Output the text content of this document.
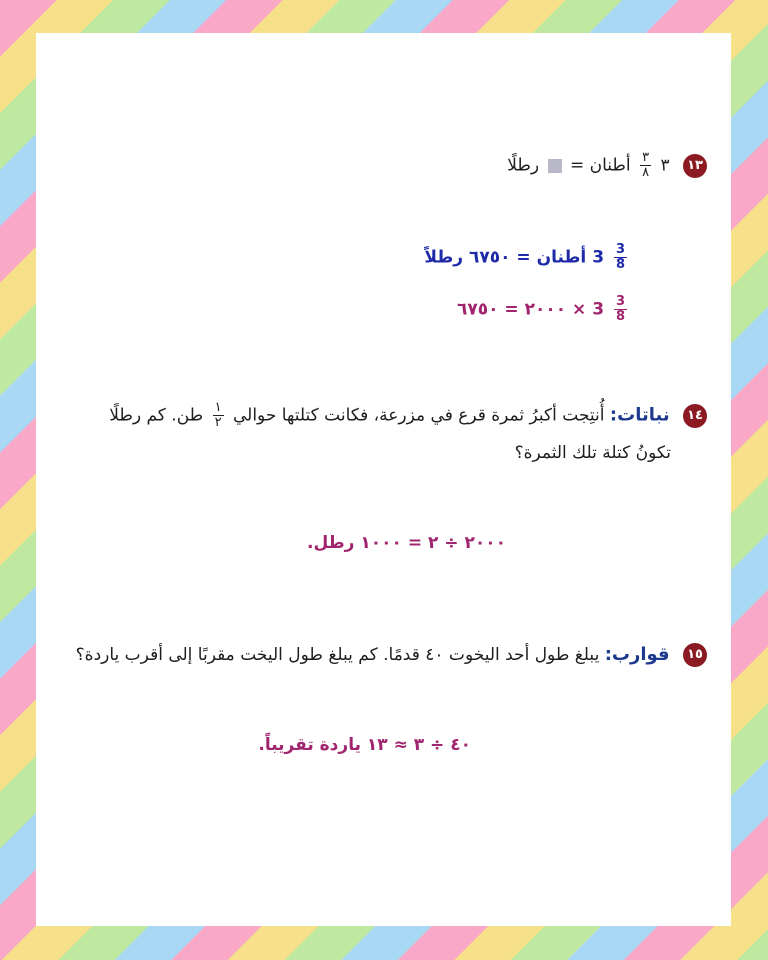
١٣ ٣
$\frac{٣}{٨}$
أطنان =  رطلًا
$3 \frac{3}{8}$
أطنان = ٦٧٥٠ رطلاً
$3 \frac{3}{8}$
× ٢٠٠٠ = ٦٧٥٠
١٤ نباتات: أُنتِجت أكبرُ ثمرة قرع في مزرعة، فكانت كتلتها حوالي
$\frac{١}{٢}$
طن. كم رطلًا
تكونُ كتلة تلك الثمرة؟
٢٠٠٠ ÷ ٢ = ١٠٠٠ رطل.
١٥ قوارب: يبلغ طول أحد اليخوت ٤٠ قدمًا. كم يبلغ طول اليخت مقربًا إلى أقرب ياردة؟
٤٠ ÷ ٣ ≈ ١٣ ياردة تقريباً.
